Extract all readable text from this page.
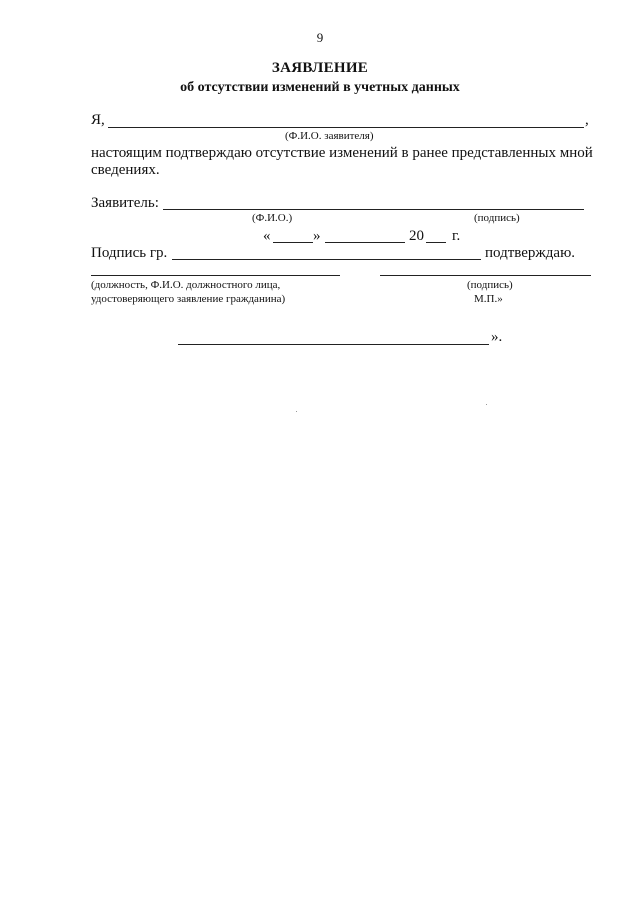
9
ЗАЯВЛЕНИЕ
об отсутствии изменений в учетных данных
Я,	,
(Ф.И.О. заявителя)
настоящим подтверждаю отсутствие изменений в ранее представленных мной
сведениях.
Заявитель:
(Ф.И.О.)	(подпись)
«	»	20 г.
Подпись гр.	подтверждаю.
(должность, Ф.И.О. должностного лица,
удостоверяющего заявление гражданина)
(подпись)
М.П.»
».
